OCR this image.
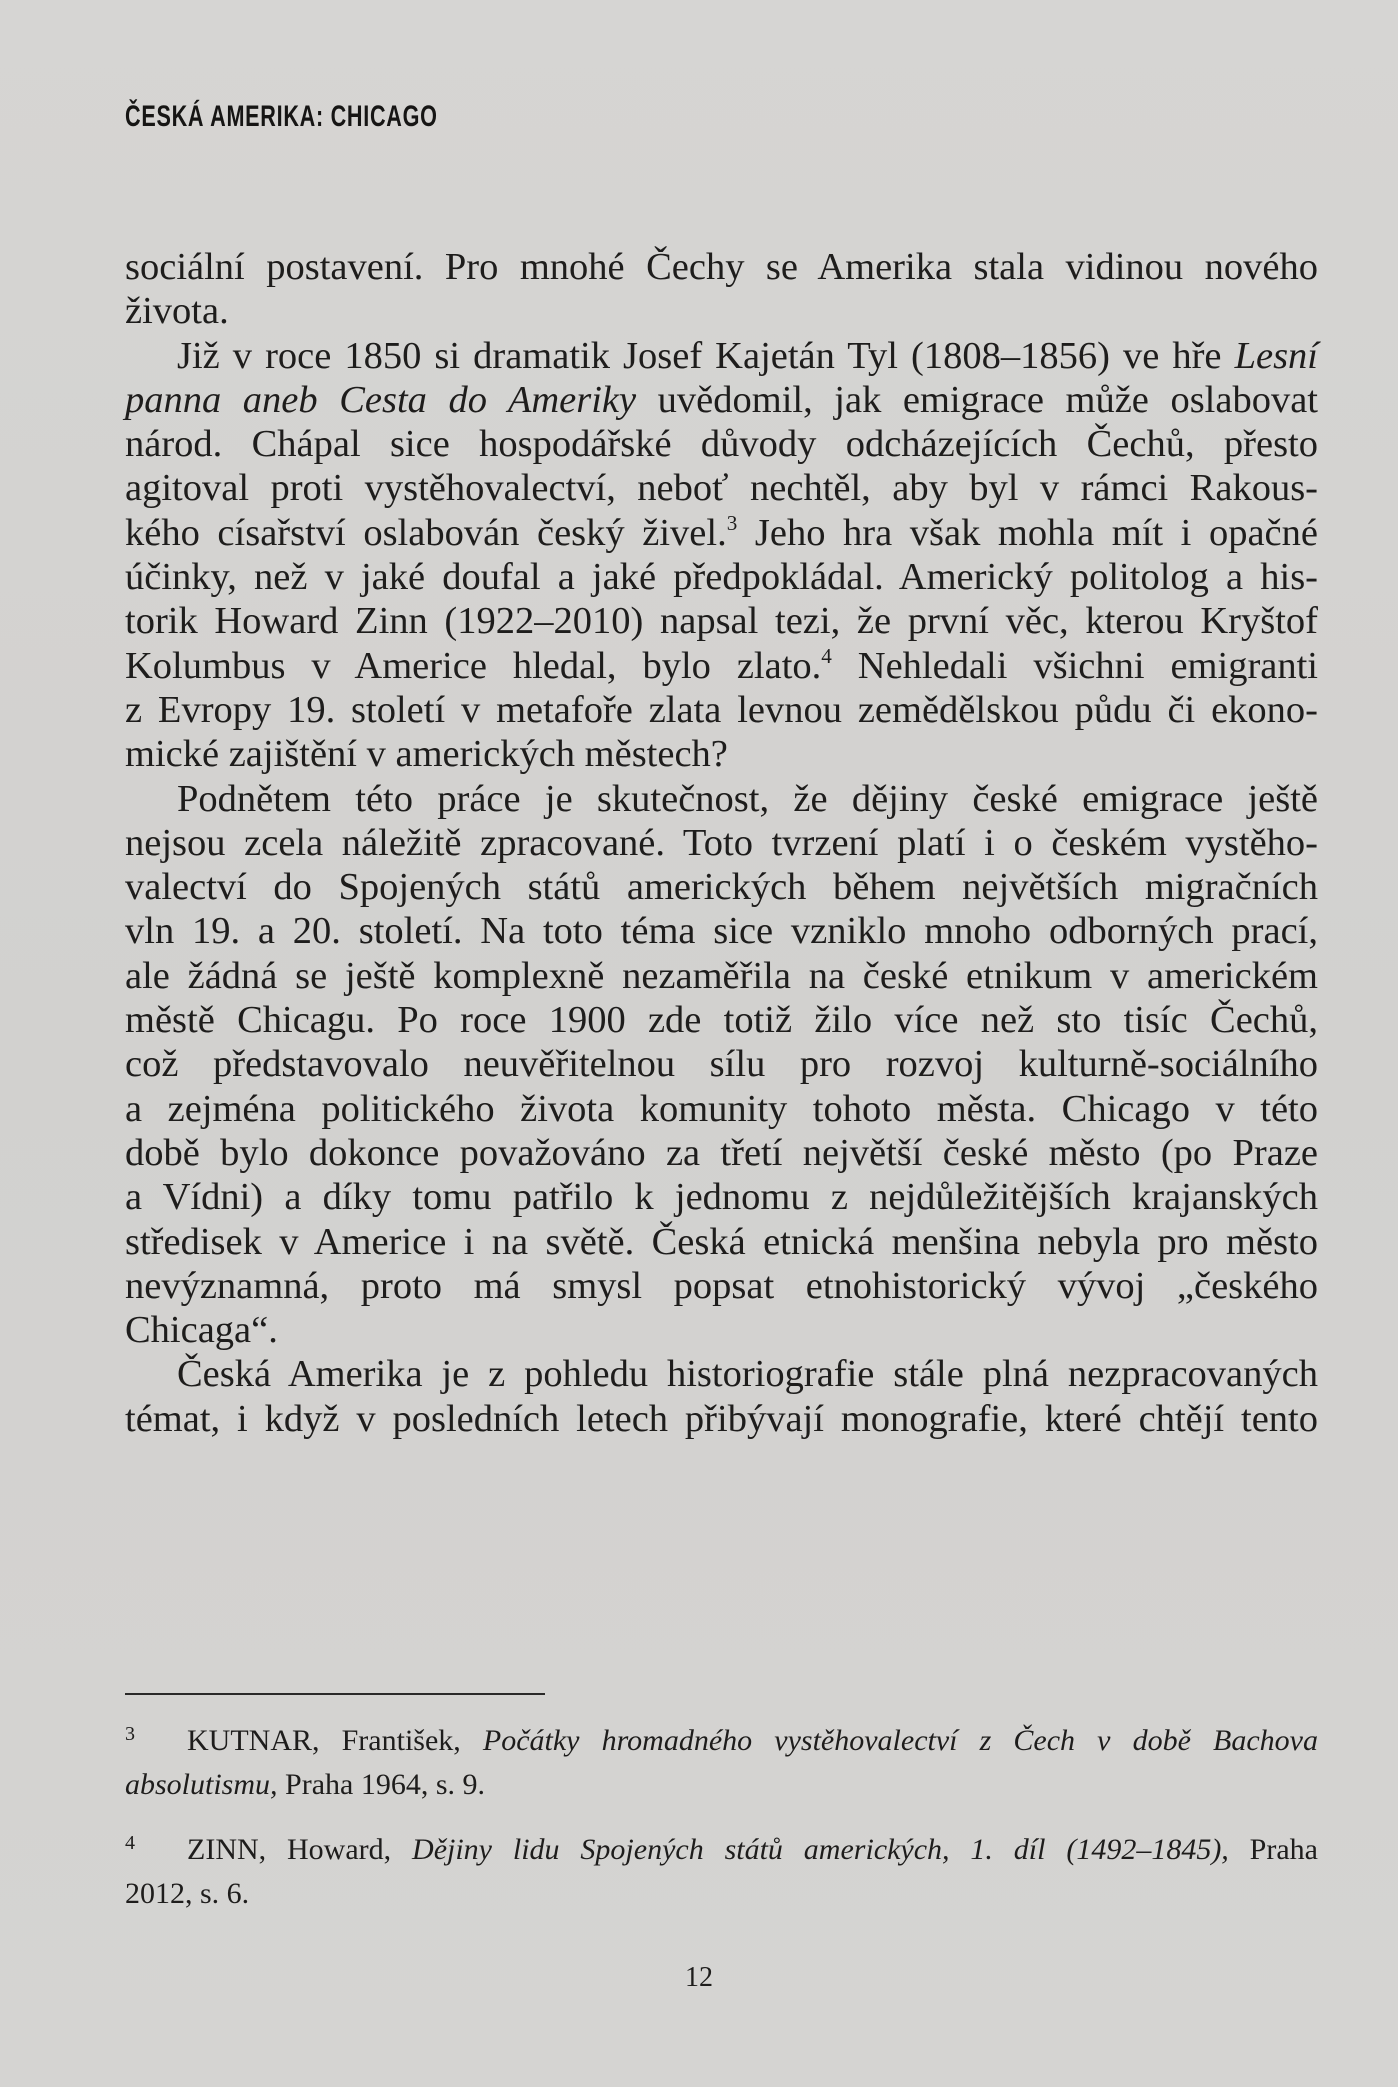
ČESKÁ AMERIKA: CHICAGO

sociální postavení. Pro mnohé Čechy se Amerika stala vidinou nového
života.

Již v roce 1850 si dramatik Josef Kajetán Tyl (1808–1856) ve hře Lesní
panna aneb Cesta do Ameriky uvědomil, jak emigrace může oslabovat
národ. Chápal sice hospodářské důvody odcházejících Čechů, přesto
agitoval proti vystěhovalectví, neboť nechtěl, aby byl v rámci Rakous-
kého císařství oslabován český živel.$^3$ Jeho hra však mohla mít i opačné
účinky, než v jaké doufal a jaké předpokládal. Americký politolog a his-
torik Howard Zinn (1922–2010) napsal tezi, že první věc, kterou Kryštof
Kolumbus v Americe hledal, bylo zlato.$^4$ Nehledali všichni emigranti
z Evropy 19. století v metafoře zlata levnou zemědělskou půdu či ekono-
mické zajištění v amerických městech?

Podnětem této práce je skutečnost, že dějiny české emigrace ještě
nejsou zcela náležitě zpracované. Toto tvrzení platí i o českém vystěho-
valectví do Spojených států amerických během největších migračních
vln 19. a 20. století. Na toto téma sice vzniklo mnoho odborných prací,
ale žádná se ještě komplexně nezaměřila na české etnikum v americkém
městě Chicagu. Po roce 1900 zde totiž žilo více než sto tisíc Čechů,
což představovalo neuvěřitelnou sílu pro rozvoj kulturně-sociálního
a zejména politického života komunity tohoto města. Chicago v této
době bylo dokonce považováno za třetí největší české město (po Praze
a Vídni) a díky tomu patřilo k jednomu z nejdůležitějších krajanských
středisek v Americe i na světě. Česká etnická menšina nebyla pro město
nevýznamná, proto má smysl popsat etnohistorický vývoj „českého
Chicaga“.

Česká Amerika je z pohledu historiografie stále plná nezpracovaných
témat, i když v posledních letech přibývají monografie, které chtějí tento

3 KUTNAR, František, Počátky hromadného vystěhovalectví z Čech v době Bachova
absolutismu, Praha 1964, s. 9.
4 ZINN, Howard, Dějiny lidu Spojených států amerických, 1. díl (1492–1845), Praha
2012, s. 6.
12
